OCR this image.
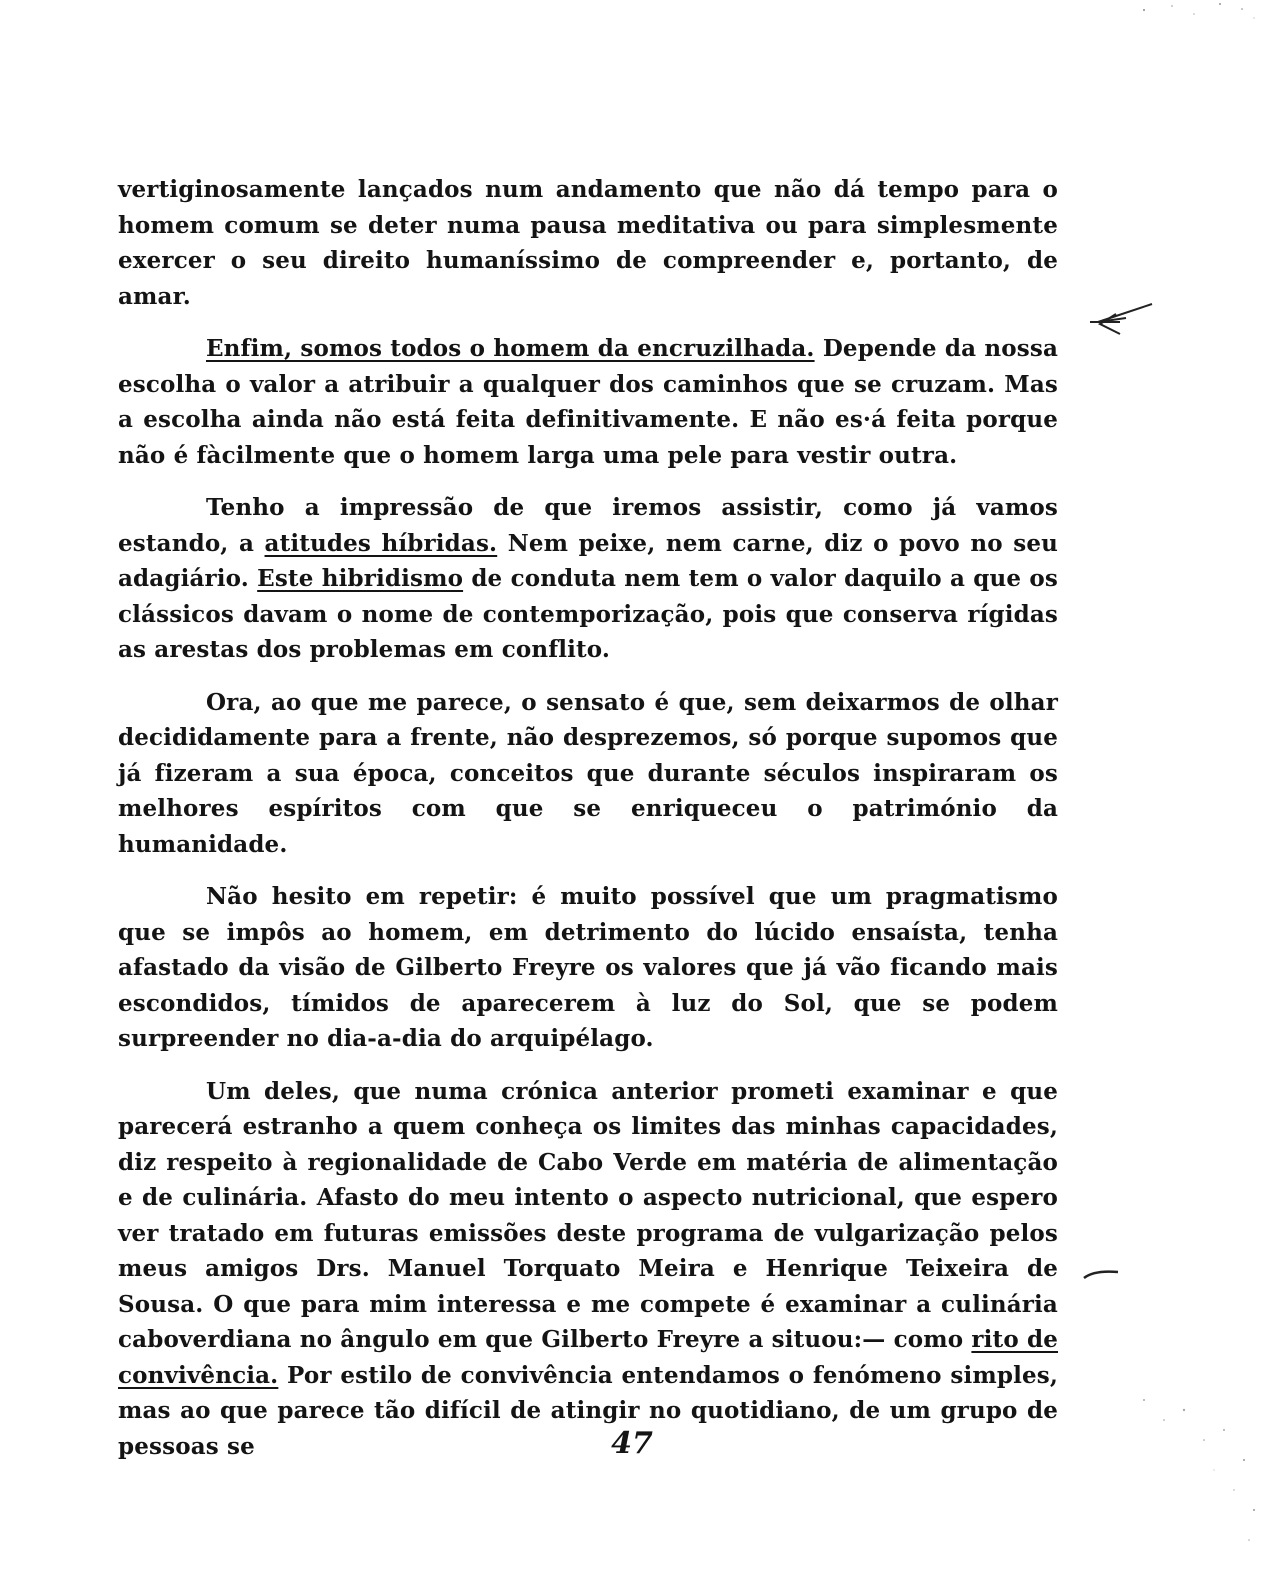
vertiginosamente lançados num andamento que não dá tempo para o homem comum se deter numa pausa meditativa ou para simplesmente exercer o seu direito humaníssimo de compreender e, portanto, de amar.

Enfim, somos todos o homem da encruzilhada. Depende da nossa escolha o valor a atribuir a qualquer dos caminhos que se cruzam. Mas a escolha ainda não está feita definitivamente. E não es·á feita porque não é fàcilmente que o homem larga uma pele para vestir outra.

Tenho a impressão de que iremos assistir, como já vamos estando, a atitudes híbridas. Nem peixe, nem carne, diz o povo no seu adagiário. Este hibridismo de conduta nem tem o valor daquilo a que os clássicos davam o nome de contemporização, pois que conserva rígidas as arestas dos problemas em conflito.

Ora, ao que me parece, o sensato é que, sem deixarmos de olhar decididamente para a frente, não desprezemos, só porque supomos que já fizeram a sua época, conceitos que durante séculos inspiraram os melhores espíritos com que se enriqueceu o património da humanidade.

Não hesito em repetir: é muito possível que um pragmatismo que se impôs ao homem, em detrimento do lúcido ensaísta, tenha afastado da visão de Gilberto Freyre os valores que já vão ficando mais escondidos, tímidos de aparecerem à luz do Sol, que se podem surpreender no dia-a-dia do arquipélago.

Um deles, que numa crónica anterior prometi examinar e que parecerá estranho a quem conheça os limites das minhas capacidades, diz respeito à regionalidade de Cabo Verde em matéria de alimentação e de culinária. Afasto do meu intento o aspecto nutricional, que espero ver tratado em futuras emissões deste programa de vulgarização pelos meus amigos Drs. Manuel Torquato Meira e Henrique Teixeira de Sousa. O que para mim interessa e me compete é examinar a culinária caboverdiana no ângulo em que Gilberto Freyre a situou:— como rito de convivência. Por estilo de convivência entendamos o fenómeno simples, mas ao que parece tão difícil de atingir no quotidiano, de um grupo de pessoas se	47
